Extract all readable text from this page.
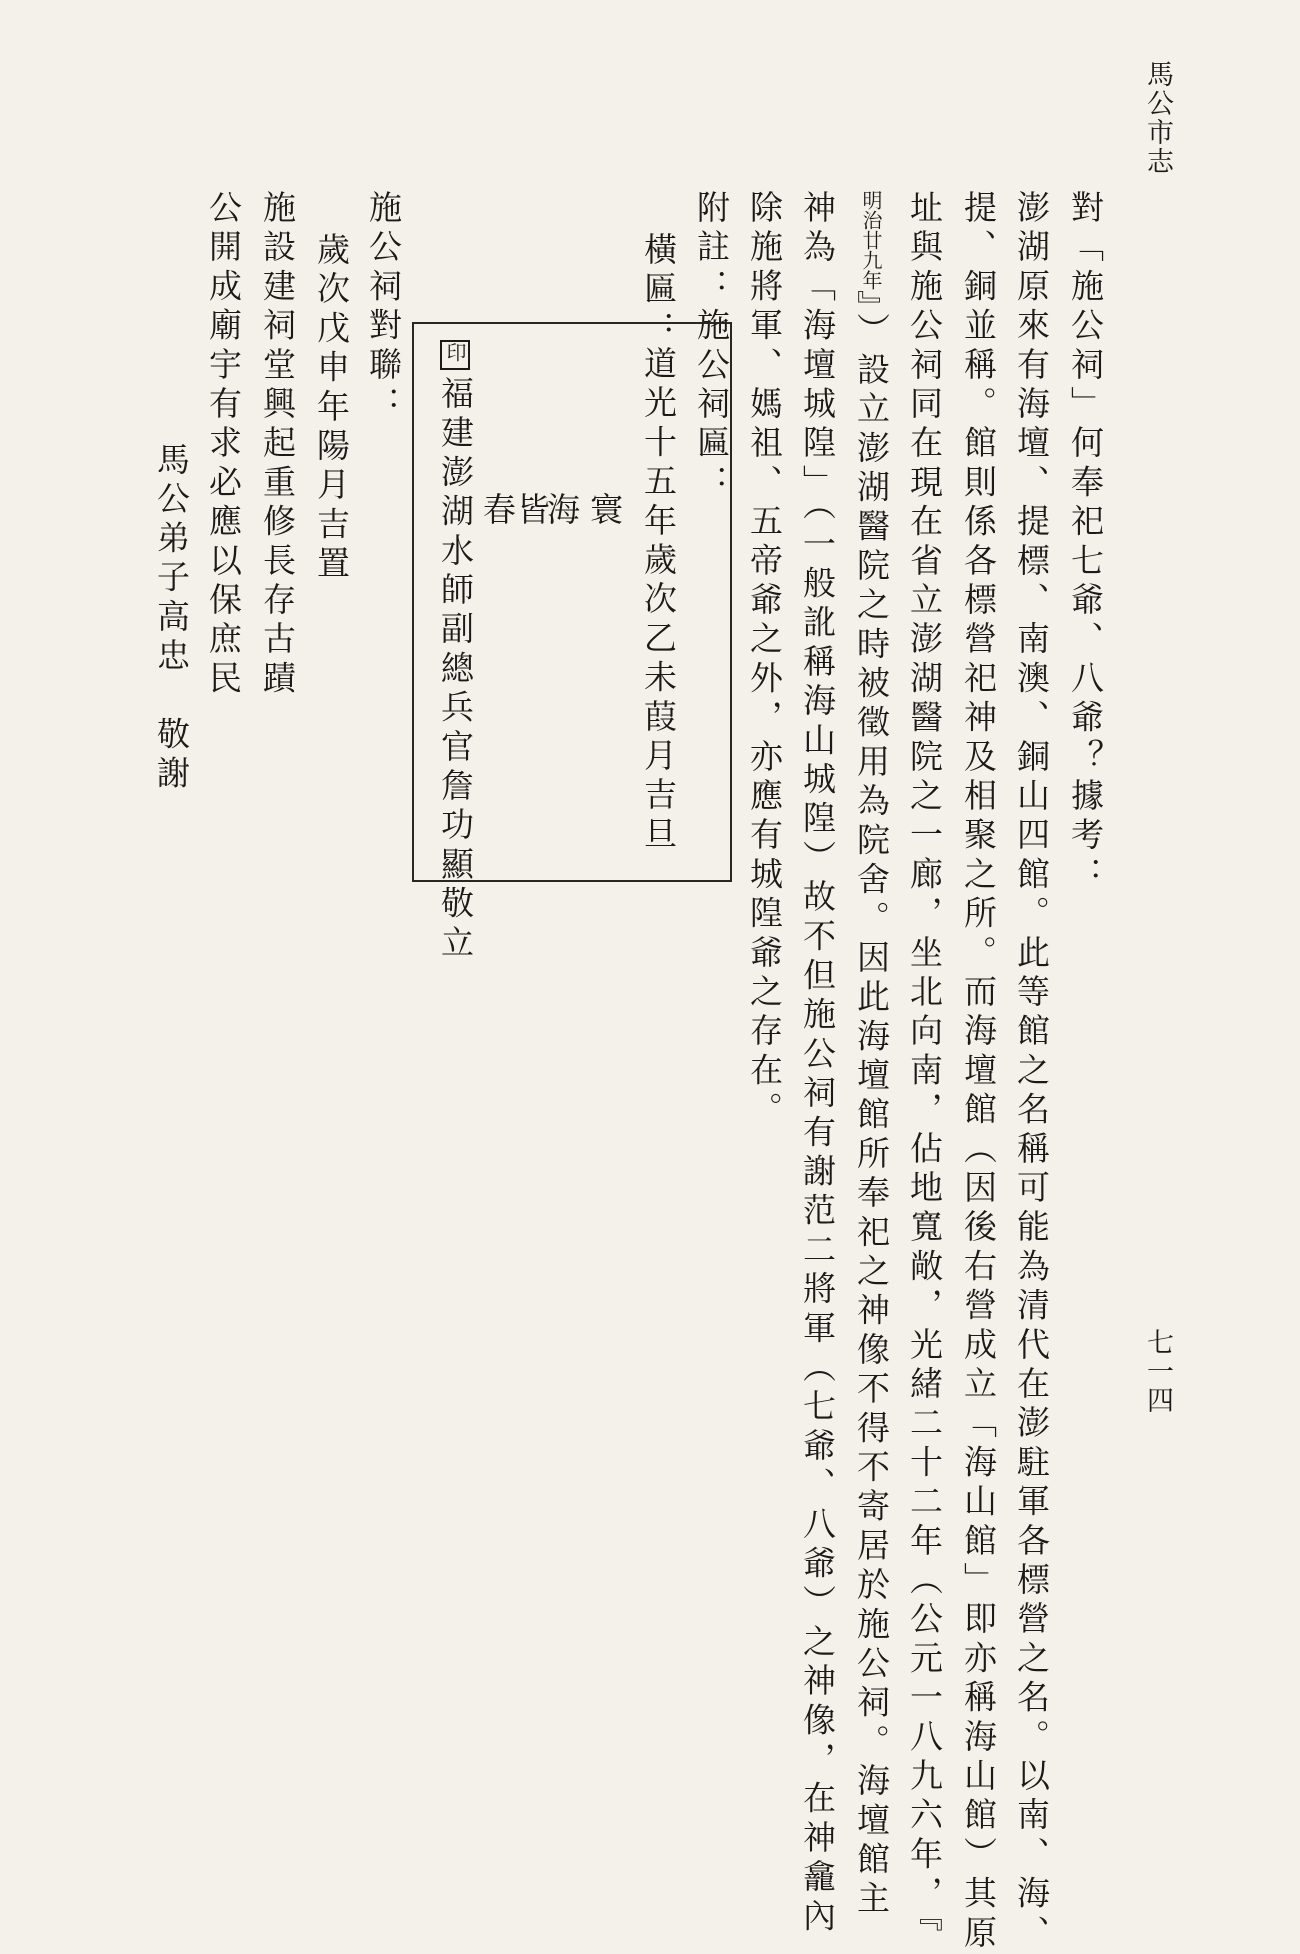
馬公市志
七一四
對「施公祠」何奉祀七爺、八爺？據考：
澎湖原來有海壇、提標、南澳、銅山四館。此等館之名稱可能為清代在澎駐軍各標營之名。以南、海、
提、銅並稱。館則係各標營祀神及相聚之所。而海壇館（因後右營成立「海山館」即亦稱海山館）其原
址與施公祠同在現在省立澎湖醫院之一廊，坐北向南，佔地寬敞，光緒二十二年（公元一八九六年，『
明治廿九年』）設立澎湖醫院之時被徵用為院舍。因此海壇館所奉祀之神像不得不寄居於施公祠。海壇館主
神為「海壇城隍」（一般訛稱海山城隍）故不但施公祠有謝范二將軍（七爺、八爺）之神像，在神龕內
除施將軍、媽祖、五帝爺之外，亦應有城隍爺之存在。
附註：施公祠匾：
橫匾：
道光十五年歲次乙未葭月吉旦
寰
海
皆
春
印福建澎湖水師副總兵官詹功顯敬立
施公祠對聯：
歲次戊申年陽月吉置
施設建祠堂興起重修長存古蹟
公開成廟宇有求必應以保庶民
馬公弟子高忠　敬謝
